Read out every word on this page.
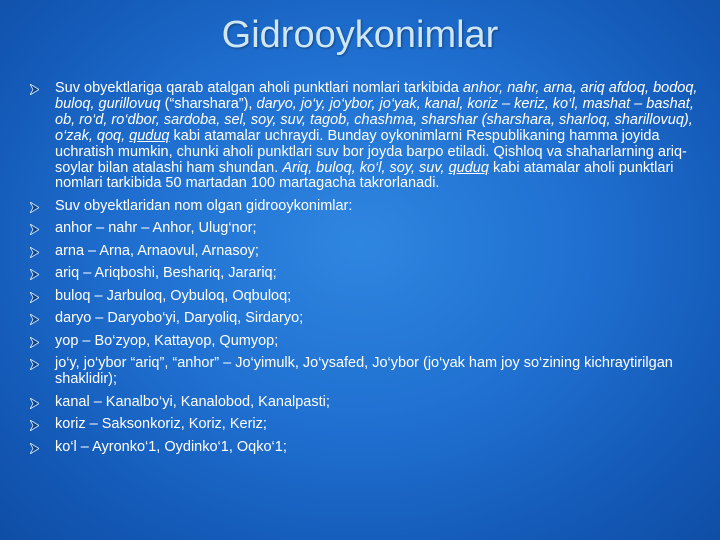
Gidrooykonimlar
Suv obyektlariga qarab atalgan aholi punktlari nomlari tarkibida anhor, nahr, arna, ariq afdoq, bodoq, buloq, gurillovuq (“sharshara”), daryo, jo‘y, jo‘ybor, jo‘yak, kanal, koriz – keriz, ko‘l, mashat – bashat, ob, ro‘d, ro‘dbor, sardoba, sel, soy, suv, tagob, chashma, sharshar (sharshara, sharloq, sharillovuq), o‘zak, qoq, quduq kabi atamalar uchraydi. Bunday oykonimlarni Respublikaning hamma joyida uchratish mumkin, chunki aholi punktlari suv bor joyda barpo etiladi. Qishloq va shaharlarning ariq-soylar bilan atalashi ham shundan. Ariq, buloq, ko‘l, soy, suv, quduq kabi atamalar aholi punktlari nomlari tarkibida 50 martadan 100 martagacha takrorlanadi.
Suv obyektlaridan nom olgan gidrooykonimlar:
anhor – nahr – Anhor, Ulug‘nor;
arna – Arna, Arnaovul, Arnasoy;
ariq – Ariqboshi, Beshariq, Jarariq;
buloq – Jarbuloq, Oybuloq, Oqbuloq;
daryo – Daryobo‘yi, Daryoliq, Sirdaryo;
yop – Bo‘zyop, Kattayop, Qumyop;
jo‘y, jo‘ybor “ariq”, “anhor” – Jo‘yimulk, Jo‘ysafed, Jo‘ybor (jo‘yak ham joy so‘zining kichraytirilgan shaklidir);
kanal – Kanalbo‘yi, Kanalobod, Kanalpasti;
koriz – Saksonkoriz, Koriz, Keriz;
ko‘l – Ayronko‘1, Oydinko‘1, Oqko‘1;
